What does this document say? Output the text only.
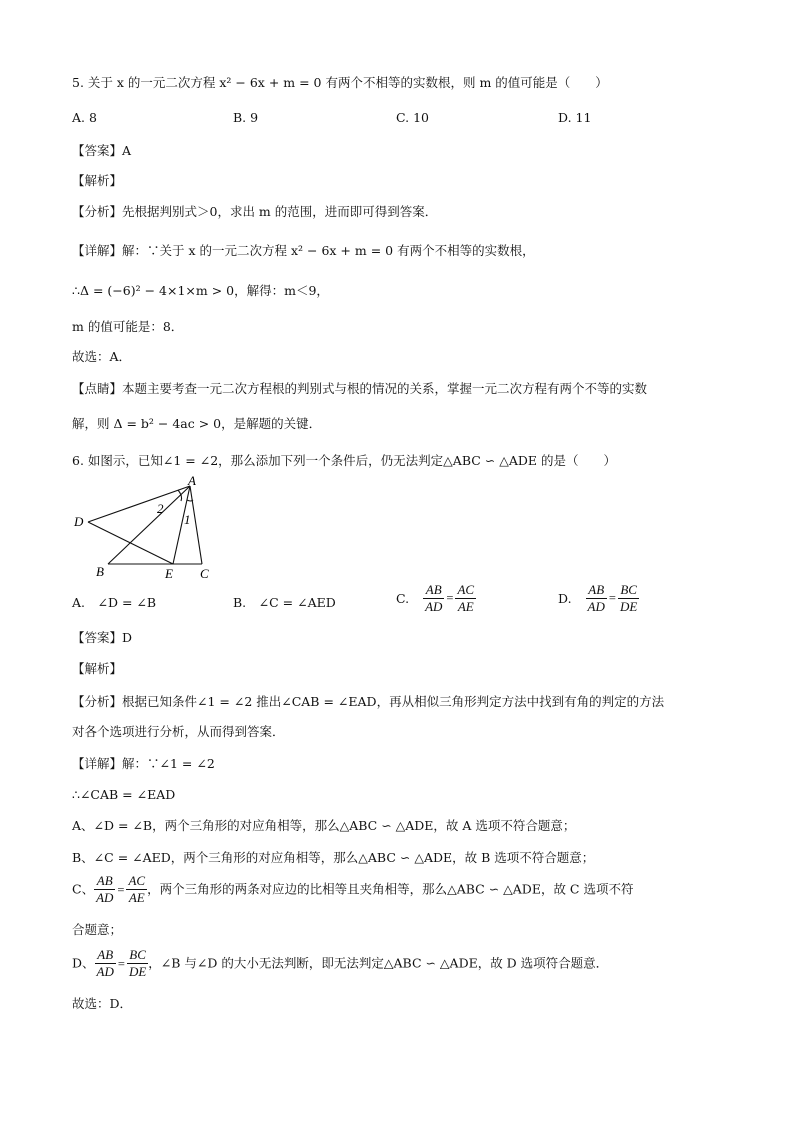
5. 关于 x 的一元二次方程 x² − 6x + m = 0 有两个不相等的实数根，则 m 的值可能是（　　）
A. 8	B. 9	C. 10	D. 11
【答案】A
【解析】
【分析】先根据判别式＞0，求出 m 的范围，进而即可得到答案．
【详解】解：∵关于 x 的一元二次方程 x² − 6x + m = 0 有两个不相等的实数根，
∴Δ = (−6)² − 4×1×m > 0，解得：m＜9，
m 的值可能是：8．
故选：A．
【点睛】本题主要考查一元二次方程根的判别式与根的情况的关系，掌握一元二次方程有两个不等的实数
解，则 Δ = b² − 4ac > 0，是解题的关键．
6. 如图示，已知∠1 = ∠2，那么添加下列一个条件后，仍无法判定△ABC ∽ △ADE 的是（　　）
A
D
B	E C
2
1
A.　∠D = ∠B	B.　∠C = ∠AED	C. $\frac{AB}{AD} = \frac{AC}{AE}$	D. $\frac{AB}{AD} = \frac{BC}{DE}$
【答案】D
【解析】
【分析】根据已知条件∠1 = ∠2 推出∠CAB = ∠EAD，再从相似三角形判定方法中找到有角的判定的方法
对各个选项进行分析，从而得到答案．
【详解】解：∵∠1 = ∠2
∴∠CAB = ∠EAD
A、∠D = ∠B，两个三角形的对应角相等，那么△ABC ∽ △ADE，故 A 选项不符合题意；
B、∠C = ∠AED，两个三角形的对应角相等，那么△ABC ∽ △ADE，故 B 选项不符合题意；
C、 $\frac{AB}{AD} = \frac{AC}{AE}$ ，两个三角形的两条对应边的比相等且夹角相等，那么△ABC ∽ △ADE，故 C 选项不符
合题意；
D、 $\frac{AB}{AD} = \frac{BC}{DE}$ ，∠B 与∠D 的大小无法判断，即无法判定△ABC ∽ △ADE，故 D 选项符合题意．
故选：D．
